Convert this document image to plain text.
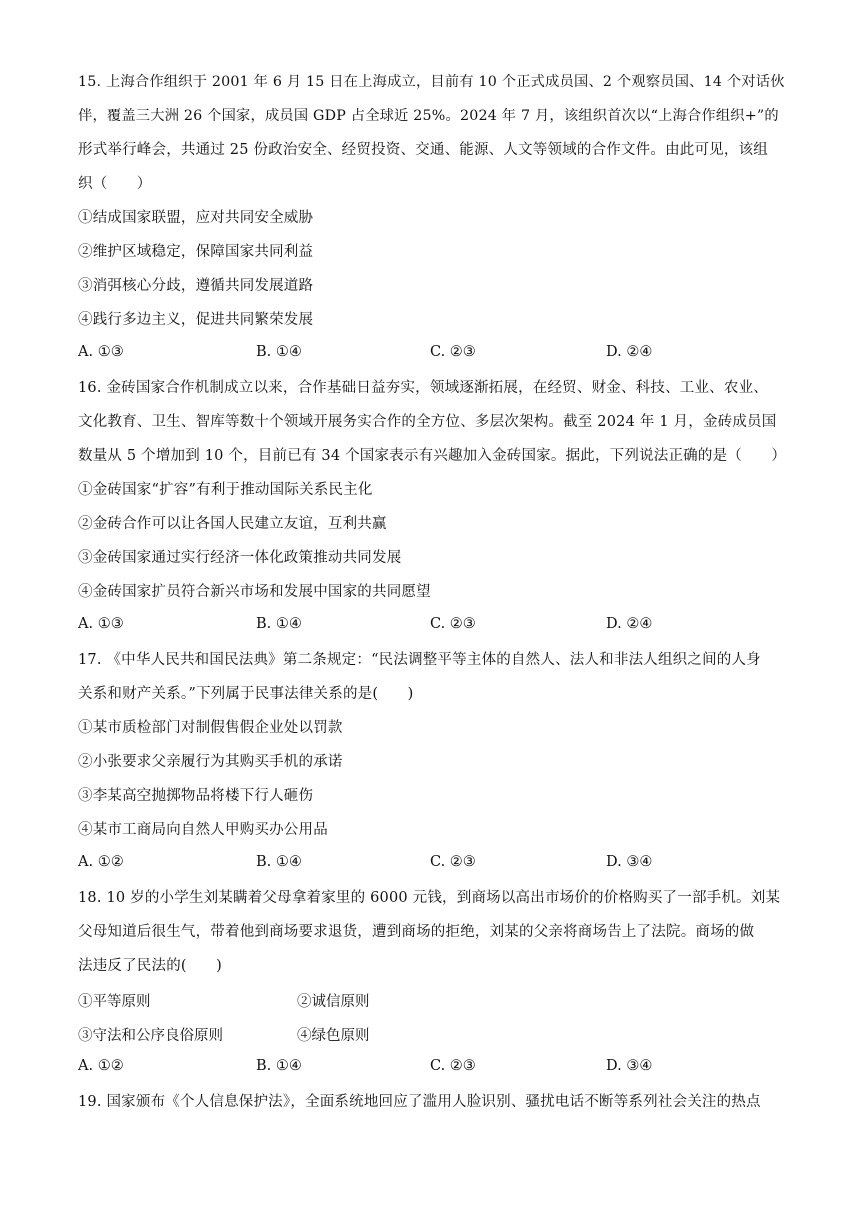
15. 上海合作组织于 2001 年 6 月 15 日在上海成立，目前有 10 个正式成员国、2 个观察员国、14 个对话伙
伴，覆盖三大洲 26 个国家，成员国 GDP 占全球近 25%。2024 年 7 月，该组织首次以“上海合作组织+”的
形式举行峰会，共通过 25 份政治安全、经贸投资、交通、能源、人文等领域的合作文件。由此可见，该组
织（　　）
①结成国家联盟，应对共同安全威胁
②维护区域稳定，保障国家共同利益
③消弭核心分歧，遵循共同发展道路
④践行多边主义，促进共同繁荣发展
A. ①③	B. ①④	C. ②③	D. ②④
16. 金砖国家合作机制成立以来，合作基础日益夯实，领域逐渐拓展，在经贸、财金、科技、工业、农业、
文化教育、卫生、智库等数十个领域开展务实合作的全方位、多层次架构。截至 2024 年 1 月，金砖成员国
数量从 5 个增加到 10 个，目前已有 34 个国家表示有兴趣加入金砖国家。据此，下列说法正确的是（　　）
①金砖国家“扩容”有利于推动国际关系民主化
②金砖合作可以让各国人民建立友谊，互利共赢
③金砖国家通过实行经济一体化政策推动共同发展
④金砖国家扩员符合新兴市场和发展中国家的共同愿望
A. ①③	B. ①④	C. ②③	D. ②④
17. 《中华人民共和国民法典》第二条规定：“民法调整平等主体的自然人、法人和非法人组织之间的人身
关系和财产关系。”下列属于民事法律关系的是(　　)
①某市质检部门对制假售假企业处以罚款
②小张要求父亲履行为其购买手机的承诺
③李某高空抛掷物品将楼下行人砸伤
④某市工商局向自然人甲购买办公用品
A. ①②	B. ①④	C. ②③	D. ③④
18. 10 岁的小学生刘某瞒着父母拿着家里的 6000 元钱，到商场以高出市场价的价格购买了一部手机。刘某
父母知道后很生气，带着他到商场要求退货，遭到商场的拒绝，刘某的父亲将商场告上了法院。商场的做
法违反了民法的(　　)
①平等原则	②诚信原则
③守法和公序良俗原则	④绿色原则
A. ①②	B. ①④	C. ②③	D. ③④
19. 国家颁布《个人信息保护法》，全面系统地回应了滥用人脸识别、骚扰电话不断等系列社会关注的热点
